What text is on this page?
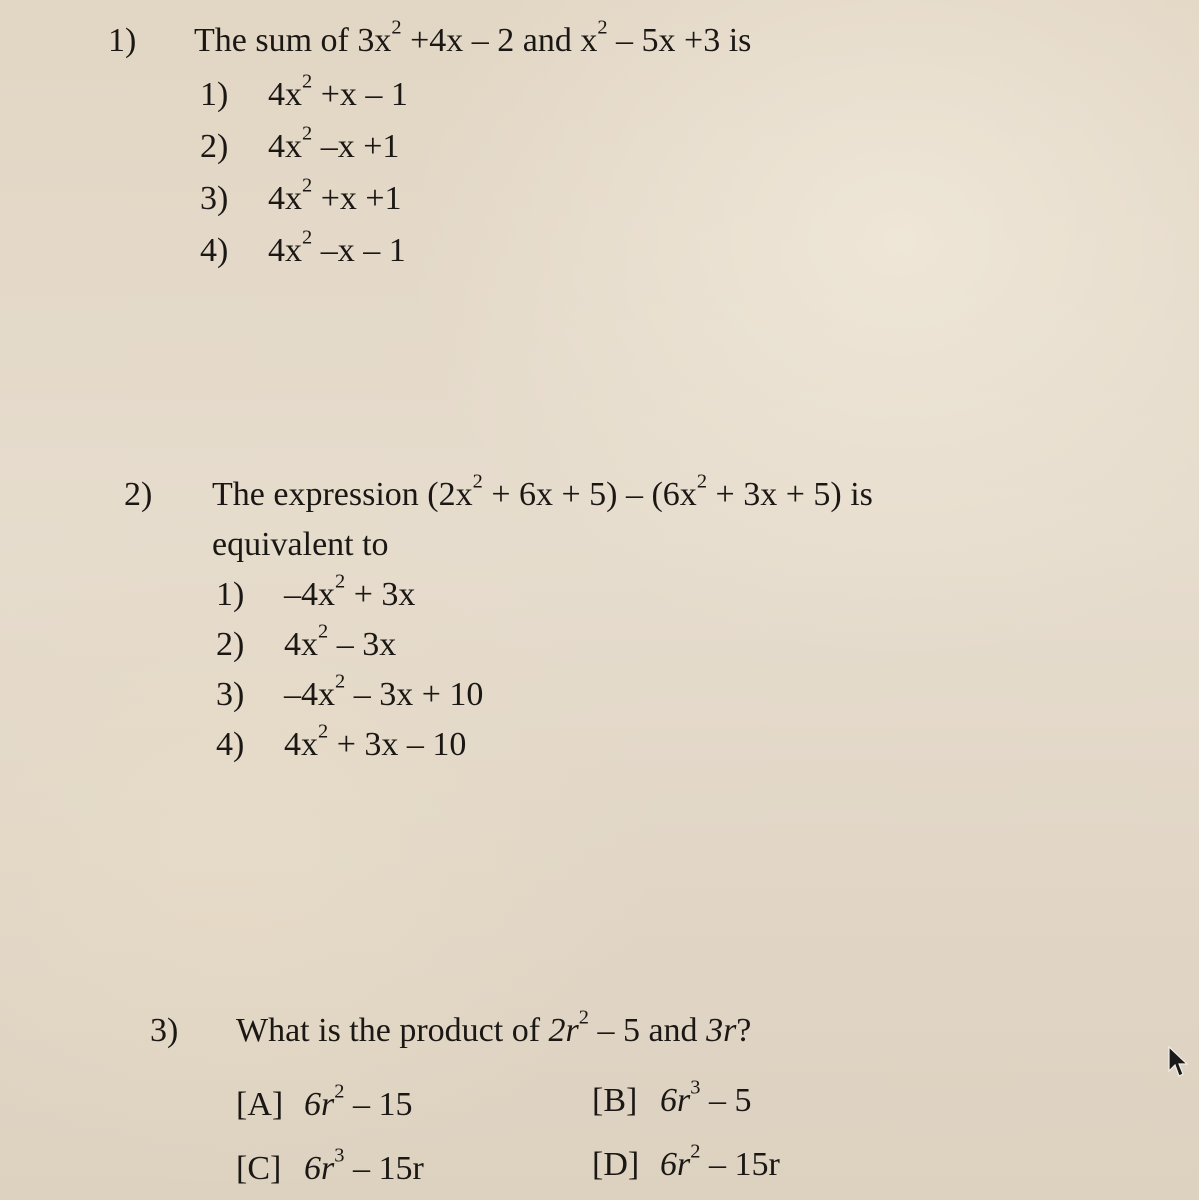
1) The sum of $3x^2 +4x - 2$ and $x^2 - 5x +3$ is
1) $4x^2 +x - 1$
2) $4x^2$ –x +1
3) $4x^2 +x +1$
4) $4x^2$ –x – 1
2) The expression $(2x^2 + 6x + 5) - (6x^2 + 3x + 5)$ is
equivalent to
1) $-4x^2 + 3x$
2) $4x^2 - 3x$
3) $-4x^2 - 3x + 10$
4) $4x^2 + 3x - 10$
3) What is the product of $2r^2 - 5$ and 3r?
[A] $6r^2 - 15$	[B] $6r^3 - 5$
[C] $6r^3 - 15r$	[D] $6r^2 - 15r$
